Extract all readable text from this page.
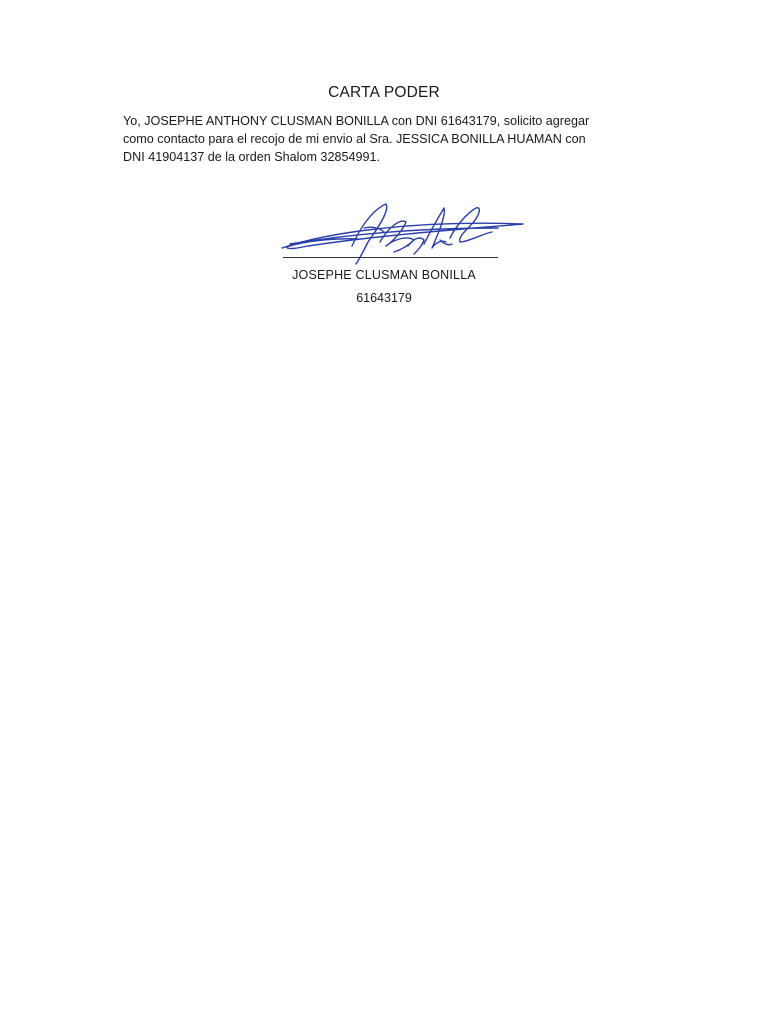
CARTA PODER
Yo, JOSEPHE ANTHONY CLUSMAN BONILLA con DNI 61643179, solicito agregar
como contacto para el recojo de mi envio al Sra. JESSICA BONILLA HUAMAN con
DNI 41904137 de la orden Shalom 32854991.
JOSEPHE CLUSMAN BONILLA
61643179
